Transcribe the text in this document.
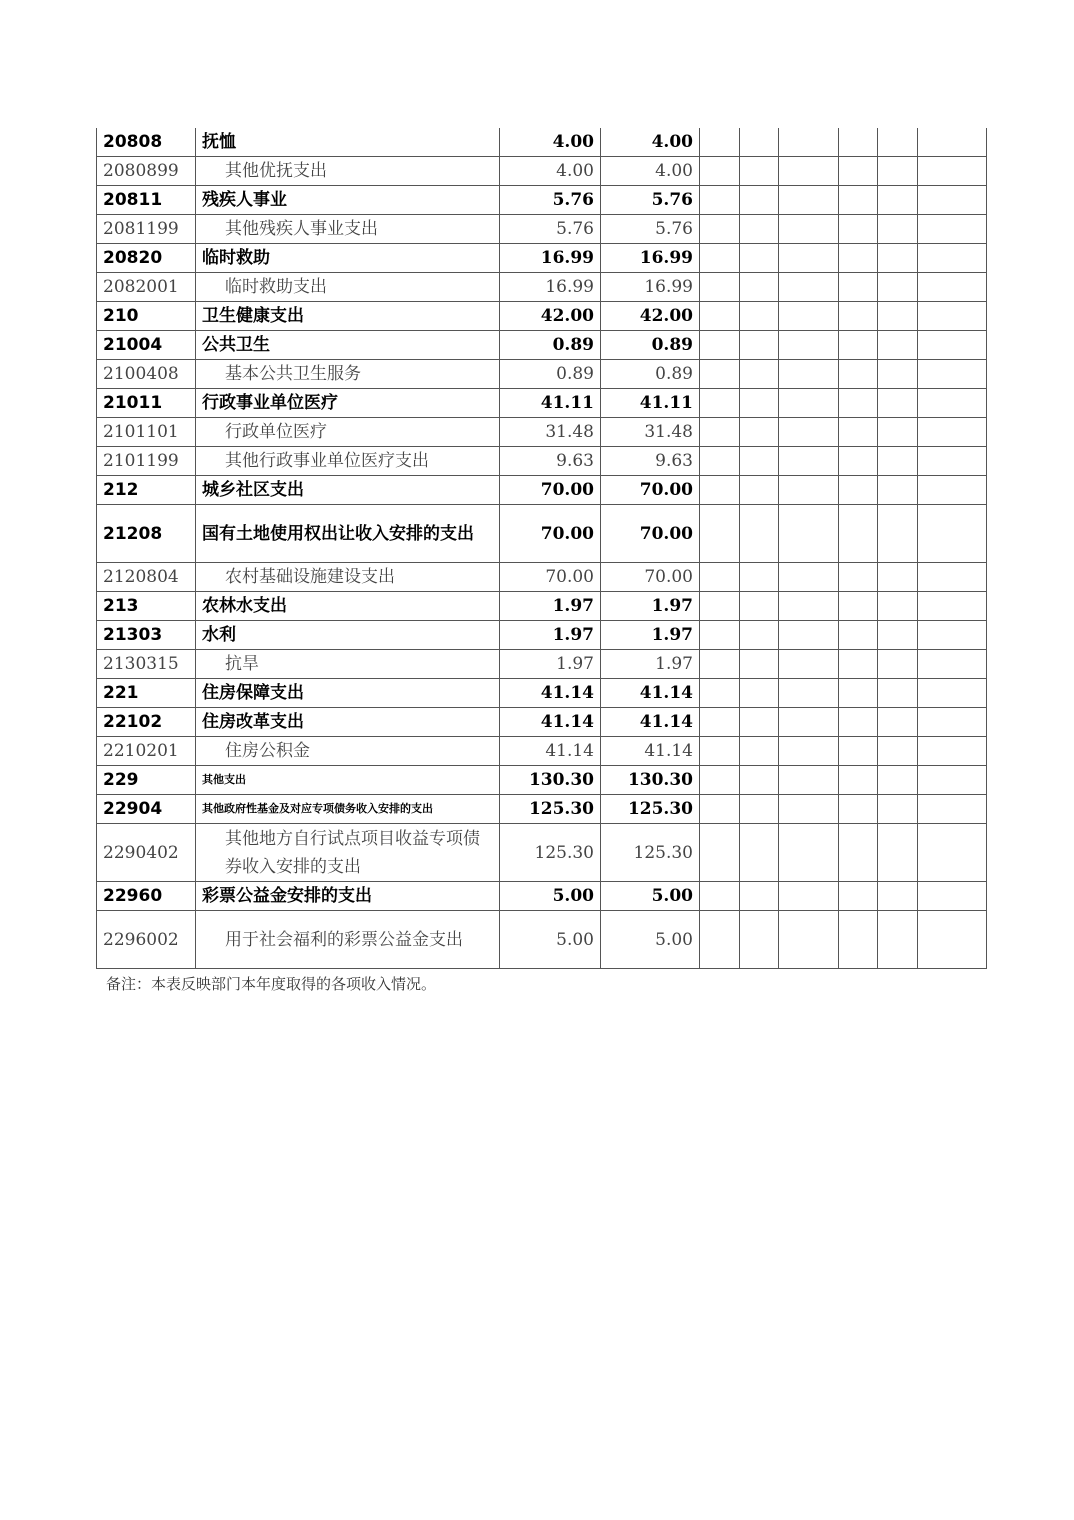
20808	抚恤	4.00	4.00						
2080899	其他优抚支出	4.00	4.00						
20811	残疾人事业	5.76	5.76						
2081199	其他残疾人事业支出	5.76	5.76						
20820	临时救助	16.99	16.99						
2082001	临时救助支出	16.99	16.99						
210	卫生健康支出	42.00	42.00						
21004	公共卫生	0.89	0.89						
2100408	基本公共卫生服务	0.89	0.89						
21011	行政事业单位医疗	41.11	41.11						
2101101	行政单位医疗	31.48	31.48						
2101199	其他行政事业单位医疗支出	9.63	9.63						
212	城乡社区支出	70.00	70.00						
21208	国有土地使用权出让收入安排的支出	70.00	70.00						
2120804	农村基础设施建设支出	70.00	70.00						
213	农林水支出	1.97	1.97						
21303	水利	1.97	1.97						
2130315	抗旱	1.97	1.97						
221	住房保障支出	41.14	41.14						
22102	住房改革支出	41.14	41.14						
2210201	住房公积金	41.14	41.14						
229	其他支出	130.30	130.30						
22904	其他政府性基金及对应专项债务收入安排的支出	125.30	125.30						
2290402	其他地方自行试点项目收益专项债券收入安排的支出	125.30	125.30						
22960	彩票公益金安排的支出	5.00	5.00						
2296002	用于社会福利的彩票公益金支出	5.00	5.00						
备注：本表反映部门本年度取得的各项收入情况。
